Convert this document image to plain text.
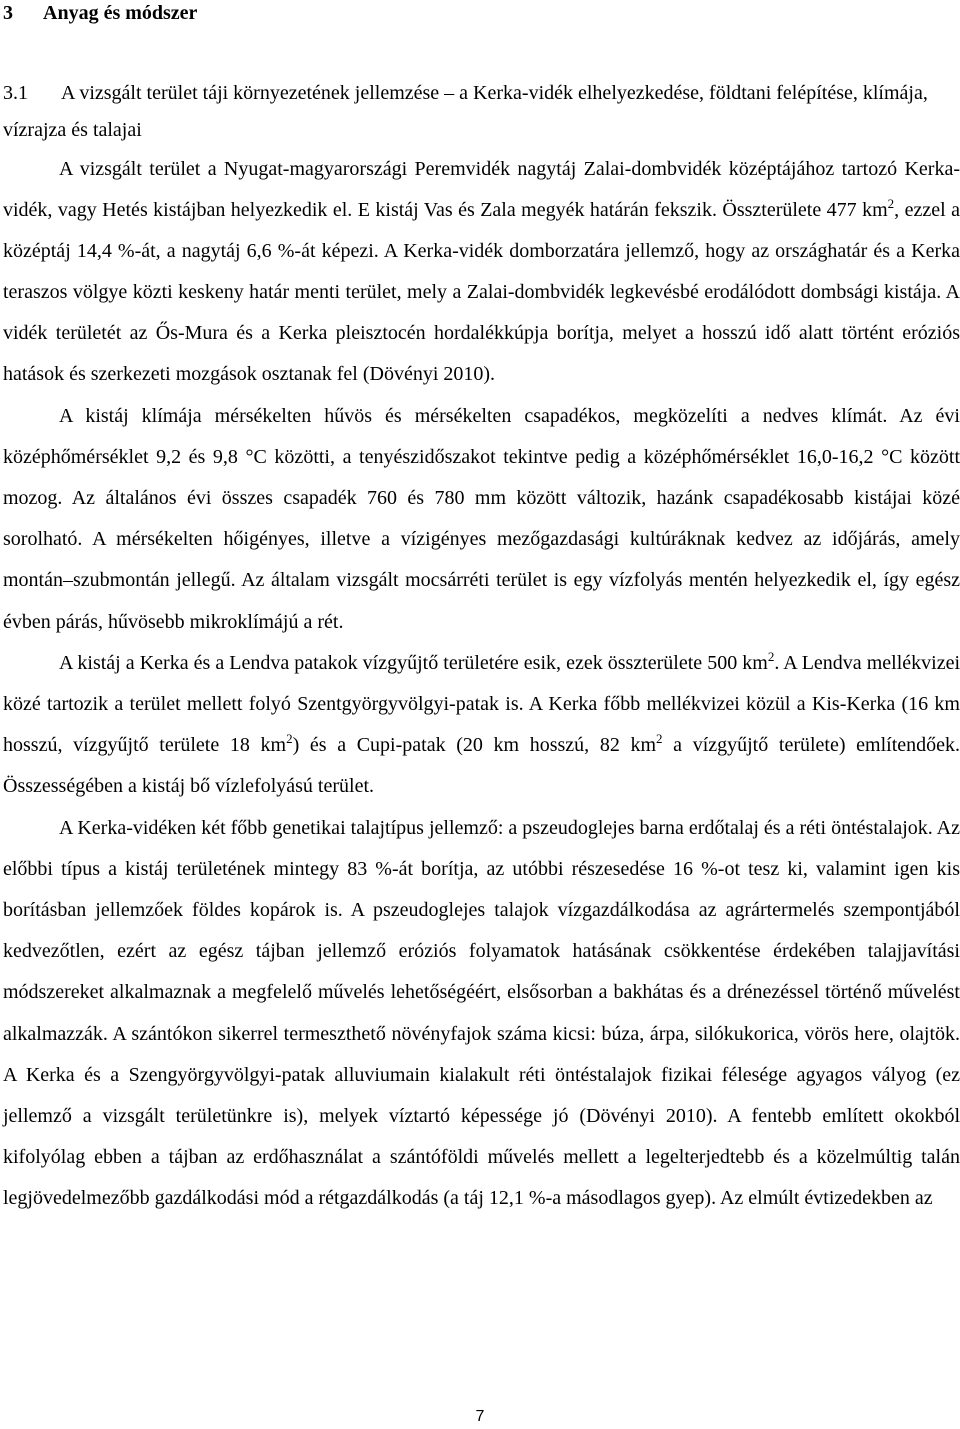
3 Anyag és módszer
3.1 A vizsgált terület táji környezetének jellemzése – a Kerka-vidék elhelyezkedése, földtani felépítése, klímája, vízrajza és talajai

A vizsgált terület a Nyugat-magyarországi Peremvidék nagytáj Zalai-dombvidék középtájához tartozó Kerka-vidék, vagy Hetés kistájban helyezkedik el. E kistáj Vas és Zala megyék határán fekszik. Összterülete 477 $km^2$, ezzel a középtáj 14,4 %-át, a nagytáj 6,6 %-át képezi. A Kerka-vidék domborzatára jellemző, hogy az országhatár és a Kerka teraszos völgye közti keskeny határ menti terület, mely a Zalai-dombvidék legkevésbé erodálódott dombsági kistája. A vidék területét az Ős-Mura és a Kerka pleisztocén hordalékkúpja borítja, melyet a hosszú idő alatt történt eróziós hatások és szerkezeti mozgások osztanak fel (Dövényi 2010).

A kistáj klímája mérsékelten hűvös és mérsékelten csapadékos, megközelíti a nedves klímát. Az évi középhőmérséklet 9,2 és 9,8 °C közötti, a tenyészidőszakot tekintve pedig a középhőmérséklet 16,0-16,2 °C között mozog. Az általános évi összes csapadék 760 és 780 mm között változik, hazánk csapadékosabb kistájai közé sorolható. A mérsékelten hőigényes, illetve a vízigényes mezőgazdasági kultúráknak kedvez az időjárás, amely montán–szubmontán jellegű. Az általam vizsgált mocsárréti terület is egy vízfolyás mentén helyezkedik el, így egész évben párás, hűvösebb mikroklímájú a rét.

A kistáj a Kerka és a Lendva patakok vízgyűjtő területére esik, ezek összterülete 500 $km^2$. A Lendva mellékvizei közé tartozik a terület mellett folyó Szentgyörgyvölgyi-patak is. A Kerka főbb mellékvizei közül a Kis-Kerka (16 km hosszú, vízgyűjtő területe 18 $km^2$) és a Cupi-patak (20 km hosszú, 82 $km^2$ a vízgyűjtő területe) említendőek. Összességében a kistáj bő vízlefolyású terület.

A Kerka-vidéken két főbb genetikai talajtípus jellemző: a pszeudoglejes barna erdőtalaj és a réti öntéstalajok. Az előbbi típus a kistáj területének mintegy 83 %-át borítja, az utóbbi részesedése 16 %-ot tesz ki, valamint igen kis borításban jellemzőek földes kopárok is. A pszeudoglejes talajok vízgazdálkodása az agrártermelés szempontjából kedvezőtlen, ezért az egész tájban jellemző eróziós folyamatok hatásának csökkentése érdekében talajjavítási módszereket alkalmaznak a megfelelő művelés lehetőségéért, elsősorban a bakhátas és a drénezéssel történő művelést alkalmazzák. A szántókon sikerrel termeszthető növényfajok száma kicsi: búza, árpa, silókukorica, vörös here, olajtök. A Kerka és a Szengyörgyvölgyi-patak alluviumain kialakult réti öntéstalajok fizikai félesége agyagos vályog (ez jellemző a vizsgált területünkre is), melyek víztartó képessége jó (Dövényi 2010). A fentebb említett okokból kifolyólag ebben a tájban az erdőhasználat a szántóföldi művelés mellett a legelterjedtebb és a közelmúltig talán legjövedelmezőbb gazdálkodási mód a rétgazdálkodás (a táj 12,1 %-a másodlagos gyep). Az elmúlt évtizedekben az

7
